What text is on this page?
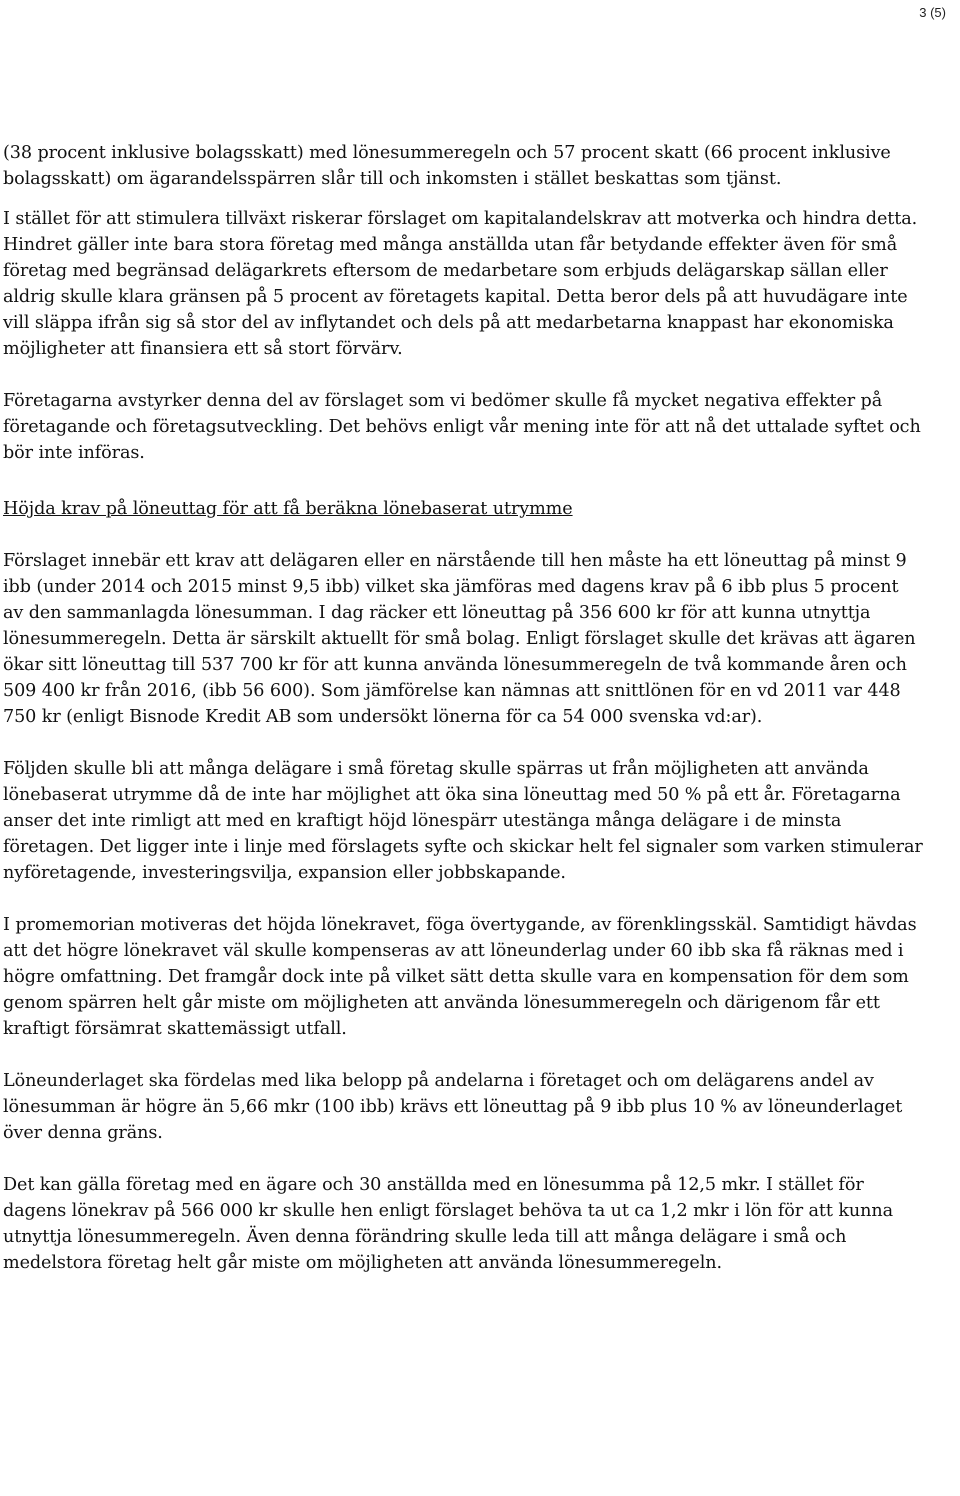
3 (5)

(38 procent inklusive bolagsskatt) med lönesummeregeln och 57 procent skatt (66 procent inklusive bolagsskatt) om ägarandelsspärren slår till och inkomsten i stället beskattas som tjänst.

I stället för att stimulera tillväxt riskerar förslaget om kapitalandelskrav att motverka och hindra detta. Hindret gäller inte bara stora företag med många anställda utan får betydande effekter även för små företag med begränsad delägarkrets eftersom de medarbetare som erbjuds delägarskap sällan eller aldrig skulle klara gränsen på 5 procent av företagets kapital. Detta beror dels på att huvudägare inte vill släppa ifrån sig så stor del av inflytandet och dels på att medarbetarna knappast har ekonomiska möjligheter att finansiera ett så stort förvärv.

Företagarna avstyrker denna del av förslaget som vi bedömer skulle få mycket negativa effekter på företagande och företagsutveckling. Det behövs enligt vår mening inte för att nå det uttalade syftet och bör inte införas.

Höjda krav på löneuttag för att få beräkna lönebaserat utrymme

Förslaget innebär ett krav att delägaren eller en närstående till hen måste ha ett löneuttag på minst 9 ibb (under 2014 och 2015 minst 9,5 ibb) vilket ska jämföras med dagens krav på 6 ibb plus 5 procent av den sammanlagda lönesumman. I dag räcker ett löneuttag på 356 600 kr för att kunna utnyttja lönesummeregeln. Detta är särskilt aktuellt för små bolag. Enligt förslaget skulle det krävas att ägaren ökar sitt löneuttag till 537 700 kr för att kunna använda lönesummeregeln de två kommande åren och 509 400 kr från 2016, (ibb 56 600). Som jämförelse kan nämnas att snittlönen för en vd 2011 var 448 750 kr (enligt Bisnode Kredit AB som undersökt lönerna för ca 54 000 svenska vd:ar).

Följden skulle bli att många delägare i små företag skulle spärras ut från möjligheten att använda lönebaserat utrymme då de inte har möjlighet att öka sina löneuttag med 50 % på ett år. Företagarna anser det inte rimligt att med en kraftigt höjd lönespärr utestänga många delägare i de minsta företagen. Det ligger inte i linje med förslagets syfte och skickar helt fel signaler som varken stimulerar nyföretagende, investeringsvilja, expansion eller jobbskapande.

I promemorian motiveras det höjda lönekravet, föga övertygande, av förenklingsskäl. Samtidigt hävdas att det högre lönekravet väl skulle kompenseras av att löneunderlag under 60 ibb ska få räknas med i högre omfattning. Det framgår dock inte på vilket sätt detta skulle vara en kompensation för dem som genom spärren helt går miste om möjligheten att använda lönesummeregeln och därigenom får ett kraftigt försämrat skattemässigt utfall.

Löneunderlaget ska fördelas med lika belopp på andelarna i företaget och om delägarens andel av lönesumman är högre än 5,66 mkr (100 ibb) krävs ett löneuttag på 9 ibb plus 10 % av löneunderlaget över denna gräns.

Det kan gälla företag med en ägare och 30 anställda med en lönesumma på 12,5 mkr. I stället för dagens lönekrav på 566 000 kr skulle hen enligt förslaget behöva ta ut ca 1,2 mkr i lön för att kunna utnyttja lönesummeregeln. Även denna förändring skulle leda till att många delägare i små och medelstora företag helt går miste om möjligheten att använda lönesummeregeln.
